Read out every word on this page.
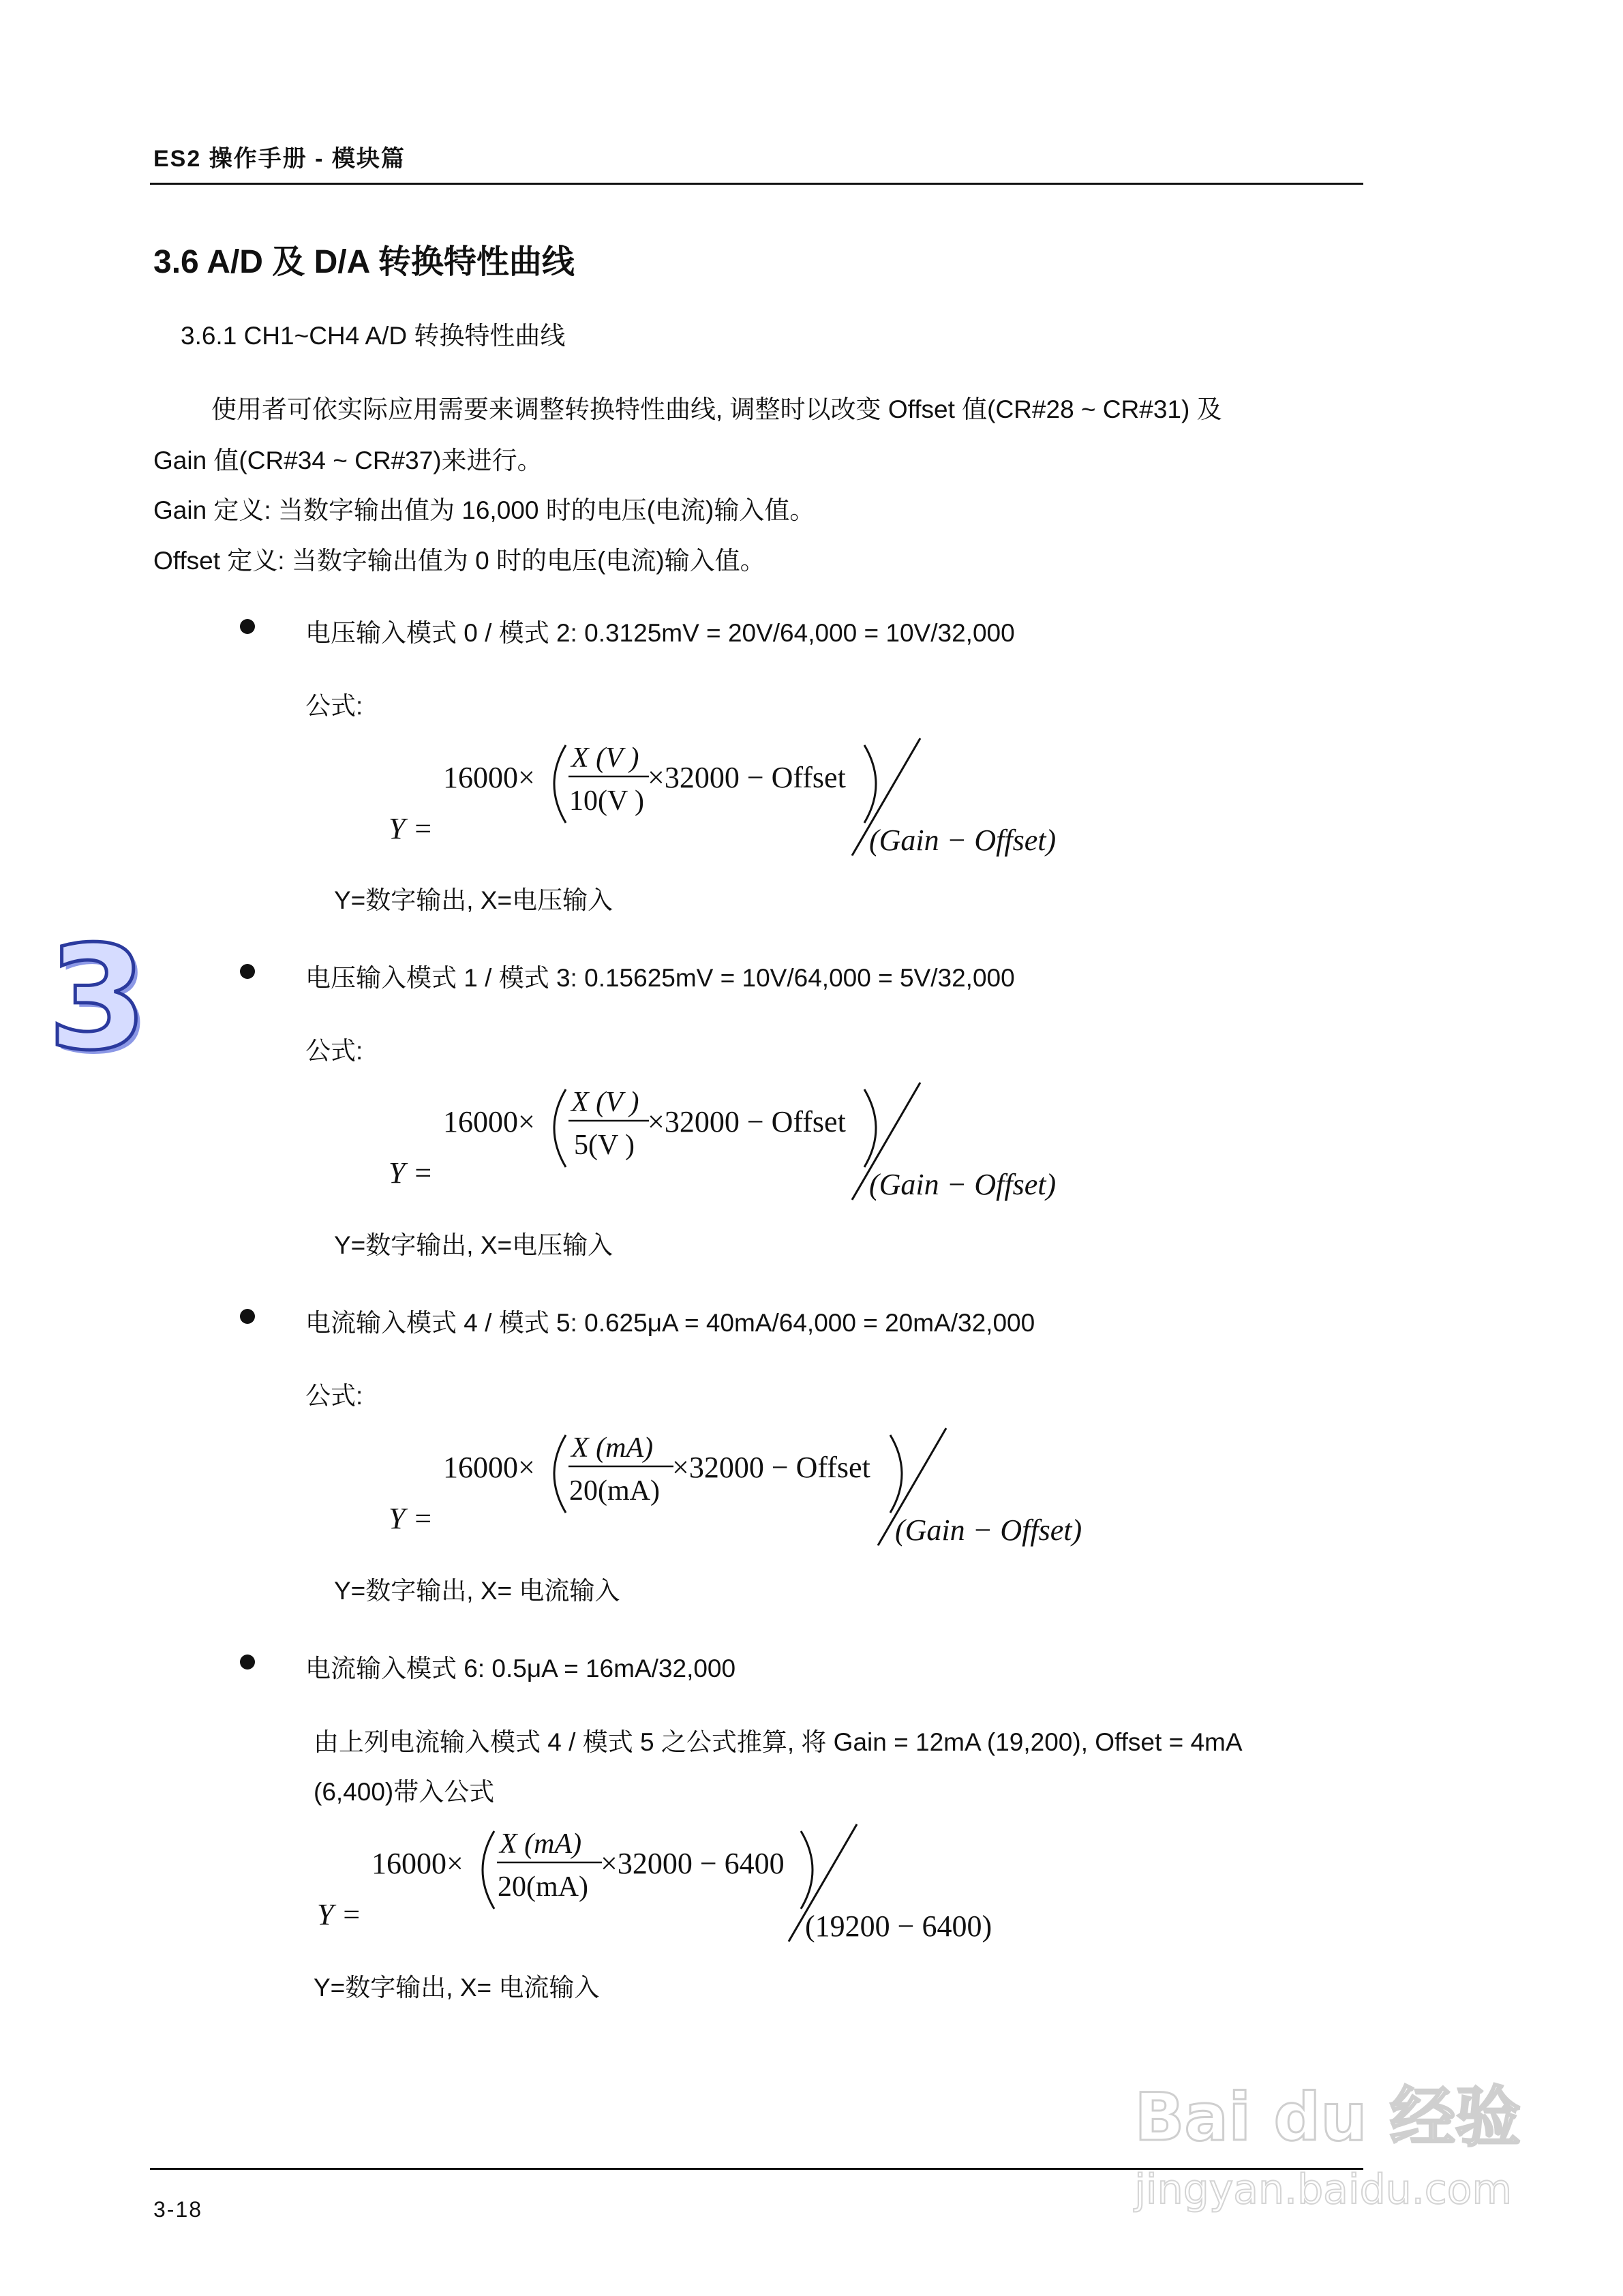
ES2 操作手册 - 模块篇
3.6 A/D 及 D/A 转换特性曲线
3.6.1 CH1~CH4 A/D 转换特性曲线
使用者可依实际应用需要来调整转换特性曲线, 调整时以改变 Offset 值(CR#28 ~ CR#31) 及
Gain 值(CR#34 ~ CR#37)来进行。
Gain 定义: 当数字输出值为 16,000 时的电压(电流)输入值。
Offset 定义: 当数字输出值为 0 时的电压(电流)输入值。
3
电压输入模式 0 / 模式 2: 0.3125mV = 20V/64,000 = 10V/32,000
公式:
Y =
16000×
X (V )
10(V )
×32000 − Offset
(Gain − Offset)
Y=数字输出, X=电压输入
电压输入模式 1 / 模式 3: 0.15625mV = 10V/64,000 = 5V/32,000
公式:
Y =
16000×
X (V )
5(V )
×32000 − Offset
(Gain − Offset)
Y=数字输出, X=电压输入
电流输入模式 4 / 模式 5: 0.625μA = 40mA/64,000 = 20mA/32,000
公式:
Y =
16000×
X (mA)
20(mA)
×32000 − Offset
(Gain − Offset)
Y=数字输出, X= 电流输入
电流输入模式 6: 0.5μA = 16mA/32,000
由上列电流输入模式 4 / 模式 5 之公式推算, 将 Gain = 12mA (19,200), Offset = 4mA
(6,400)带入公式
Y =
16000×
X (mA)
20(mA)
×32000 − 6400
(19200 − 6400)
Y=数字输出, X= 电流输入
3-18
Bai du 经验
jingyan.baidu.com
